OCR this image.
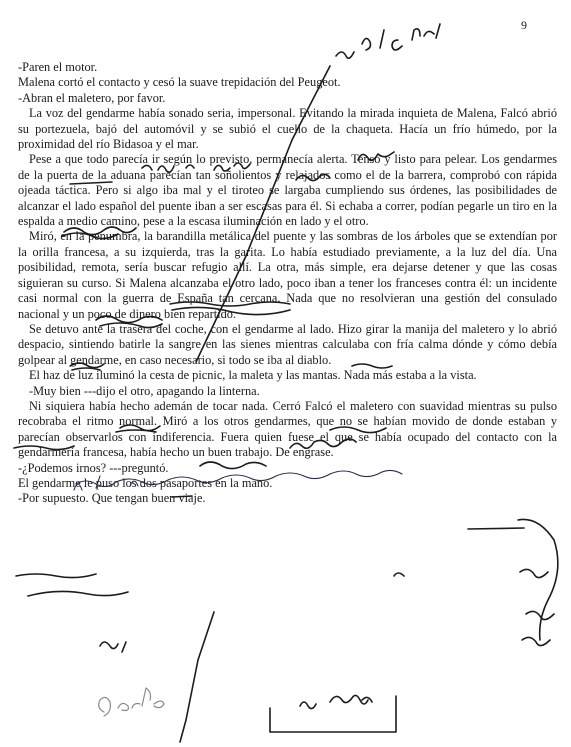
9

-Paren el motor.

Malena cortó el contacto y cesó la suave trepidación del Peugeot.

-Abran el maletero, por favor.

La voz del gendarme había sonado seria, impersonal. Evitando la mirada inquieta de Malena, Falcó abrió su portezuela, bajó del automóvil y se subió el cuello de la chaqueta. Hacía un frío húmedo, por la proximidad del río Bidasoa y el mar.

Pese a que todo parecía ir según lo previsto, permanecía alerta. Tenso y listo para pelear. Los gendarmes de la puerta de la aduana parecían tan soñolientos y relajados como el de la barrera, comprobó con rápida ojeada táctica. Pero si algo iba mal y el tiroteo se largaba cumpliendo sus órdenes, las posibilidades de alcanzar el lado español del puente iban a ser escasas para él. Si echaba a correr, podían pegarle un tiro en la espalda a medio camino, pese a la escasa iluminación en lado y el otro.

Miró, en la penumbra, la barandilla metálica del puente y las sombras de los árboles que se extendían por la orilla francesa, a su izquierda, tras la garita. Lo había estudiado previamente, a la luz del día. Una posibilidad, remota, sería buscar refugio allí. La otra, más simple, era dejarse detener y que las cosas siguieran su curso. Si Malena alcanzaba el otro lado, poco iban a tener los franceses contra él: un incidente casi normal con la guerra de España tan cercana. Nada que no resolvieran una gestión del consulado nacional y un poco de dinero bien repartido.

Se detuvo ante la trasera del coche, con el gendarme al lado. Hizo girar la manija del maletero y lo abrió despacio, sintiendo batirle la sangre en las sienes mientras calculaba con fría calma dónde y cómo debía golpear al gendarme, en caso necesario, si todo se iba al diablo.

El haz de luz iluminó la cesta de picnic, la maleta y las mantas. Nada más estaba a la vista.

-Muy bien ---dijo el otro, apagando la linterna.

Ni siquiera había hecho ademán de tocar nada. Cerró Falcó el maletero con suavidad mientras su pulso recobraba el ritmo normal. Miró a los otros gendarmes, que no se habían movido de donde estaban y parecían observarlos con indiferencia. Fuera quien fuese el que se había ocupado del contacto con la gendarmería francesa, había hecho un buen trabajo. De engrase.

-¿Podemos irnos? ---preguntó.

El gendarme le puso los dos pasaportes en la mano.

-Por supuesto. Que tengan buen viaje.
